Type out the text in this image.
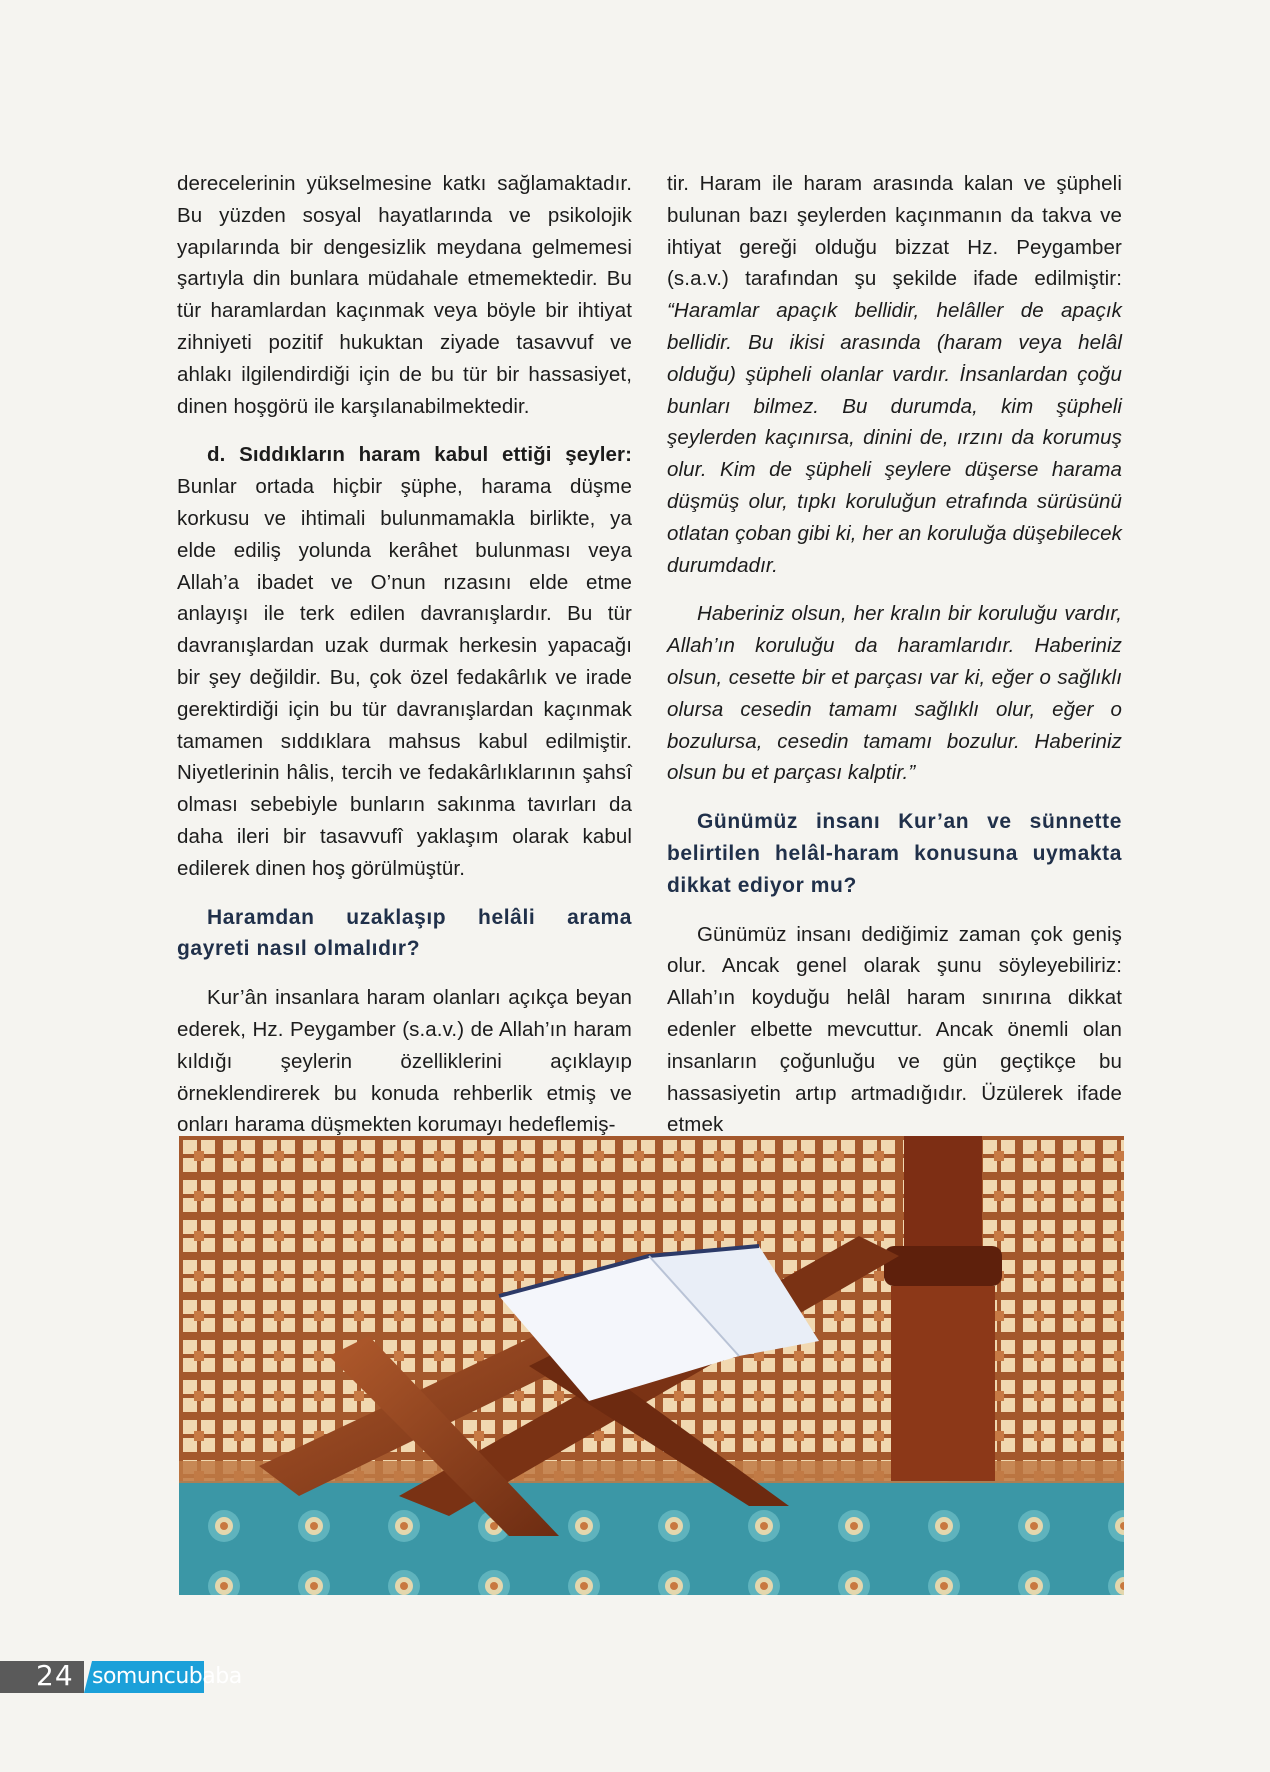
derecelerinin yükselmesine katkı sağlamaktadır. Bu yüzden sosyal hayatlarında ve psikolojik yapılarında bir dengesizlik meydana gelmemesi şartıyla din bunlara müdahale etmemektedir. Bu tür haramlardan kaçınmak veya böyle bir ihtiyat zihniyeti pozitif hukuktan ziyade tasavvuf ve ahlakı ilgilendirdiği için de bu tür bir hassasiyet, dinen hoşgörü ile karşılanabilmektedir.

d. Sıddıkların haram kabul ettiği şeyler: Bunlar ortada hiçbir şüphe, harama düşme korkusu ve ihtimali bulunmamakla birlikte, ya elde ediliş yolunda kerâhet bulunması veya Allah’a ibadet ve O’nun rızasını elde etme anlayışı ile terk edilen davranışlardır. Bu tür davranışlardan uzak durmak herkesin yapacağı bir şey değildir. Bu, çok özel fedakârlık ve irade gerektirdiği için bu tür davranışlardan kaçınmak tamamen sıddıklara mahsus kabul edilmiştir. Niyetlerinin hâlis, tercih ve fedakârlıklarının şahsî olması sebebiyle bunların sakınma tavırları da daha ileri bir tasavvufî yaklaşım olarak kabul edilerek dinen hoş görülmüştür.

Haramdan uzaklaşıp helâli arama gayreti nasıl olmalıdır?

Kur’ân insanlara haram olanları açıkça beyan ederek, Hz. Peygamber (s.a.v.) de Allah’ın haram kıldığı şeylerin özelliklerini açıklayıp örneklendirerek bu konuda rehberlik etmiş ve onları harama düşmekten korumayı hedeflemiş-

tir. Haram ile haram arasında kalan ve şüpheli bulunan bazı şeylerden kaçınmanın da takva ve ihtiyat gereği olduğu bizzat Hz. Peygamber (s.a.v.) tarafından şu şekilde ifade edilmiştir: “Haramlar apaçık bellidir, helâller de apaçık bellidir. Bu ikisi arasında (haram veya helâl olduğu) şüpheli olanlar vardır. İnsanlardan çoğu bunları bilmez. Bu durumda, kim şüpheli şeylerden kaçınırsa, dinini de, ırzını da korumuş olur. Kim de şüpheli şeylere düşerse harama düşmüş olur, tıpkı koruluğun etrafında sürüsünü otlatan çoban gibi ki, her an koruluğa düşebilecek durumdadır.

Haberiniz olsun, her kralın bir koruluğu vardır, Allah’ın koruluğu da haramlarıdır. Haberiniz olsun, cesette bir et parçası var ki, eğer o sağlıklı olursa cesedin tamamı sağlıklı olur, eğer o bozulursa, cesedin tamamı bozulur. Haberiniz olsun bu et parçası kalptir.”

Günümüz insanı Kur’an ve sünnette belirtilen helâl-haram konusuna uymakta dikkat ediyor mu?

Günümüz insanı dediğimiz zaman çok geniş olur. Ancak genel olarak şunu söyleyebiliriz: Allah’ın koyduğu helâl haram sınırına dikkat edenler elbette mevcuttur. Ancak önemli olan insanların çoğunluğu ve gün geçtikçe bu hassasiyetin artıp artmadığıdır. Üzülerek ifade etmek

24 somuncubaba
